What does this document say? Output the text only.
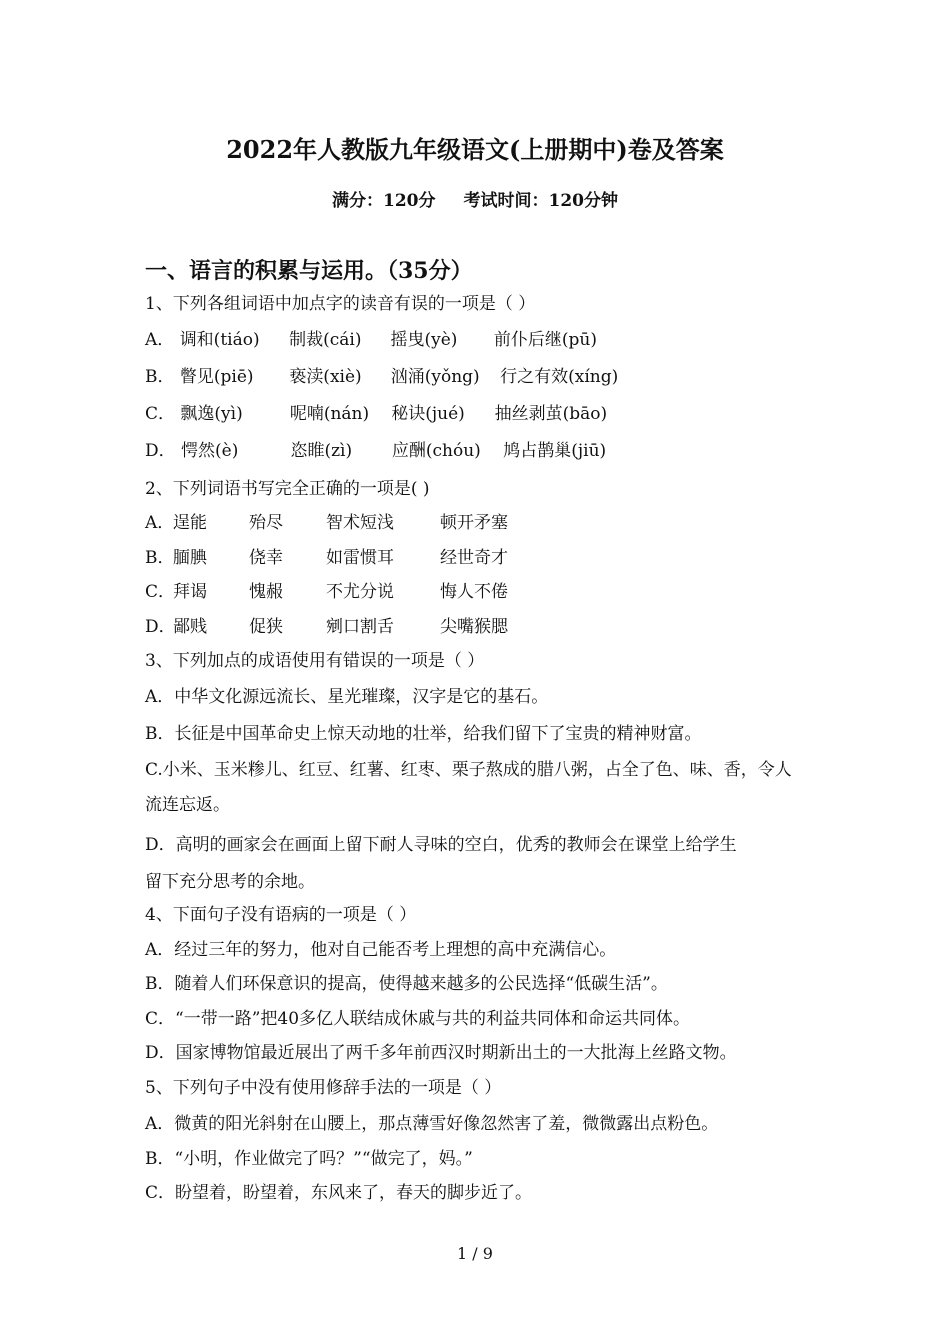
2022年人教版九年级语文(上册期中)卷及答案
满分：120分 考试时间：120分钟
一、语言的积累与运用。（35分）
1、下列各组词语中加点字的读音有误的一项是（ ）
A． 调和(tiáo) 制裁(cái) 摇曳(yè) 前仆后继(pū)
B． 瞥见(piē) 亵渎(xiè) 汹涌(yǒng) 行之有效(xíng)
C． 飘逸(yì)	呢喃(nán) 秘诀(jué) 抽丝剥茧(bāo)
D． 愕然(è)	恣睢(zì) 应酬(chóu) 鸠占鹊巢(jiū)
2、下列词语书写完全正确的一项是( )
A．逞能 殆尽	智术短浅	顿开矛塞
B．腼腆 侥幸	如雷惯耳	经世奇才
C．拜谒 愧赧	不尤分说	悔人不倦
D．鄙贱 促狭	剜口割舌	尖嘴猴腮
3、下列加点的成语使用有错误的一项是（ ）
A．中华文化源远流长、星光璀璨，汉字是它的基石。
B．长征是中国革命史上惊天动地的壮举，给我们留下了宝贵的精神财富。
C.小米、玉米糁儿、红豆、红薯、红枣、栗子熬成的腊八粥，占全了色、味、香，令人
流连忘返。
D．高明的画家会在画面上留下耐人寻味的空白，优秀的教师会在课堂上给学生
留下充分思考的余地。
4、下面句子没有语病的一项是（ ）
A．经过三年的努力，他对自己能否考上理想的高中充满信心。
B．随着人们环保意识的提高，使得越来越多的公民选择“低碳生活”。
C．“一带一路”把40多亿人联结成休戚与共的利益共同体和命运共同体。
D．国家博物馆最近展出了两千多年前西汉时期新出土的一大批海上丝路文物。
5、下列句子中没有使用修辞手法的一项是（ ）
A．微黄的阳光斜射在山腰上，那点薄雪好像忽然害了羞，微微露出点粉色。
B．“小明，作业做完了吗？”“做完了，妈。”
C．盼望着，盼望着，东风来了，春天的脚步近了。
1 / 9
